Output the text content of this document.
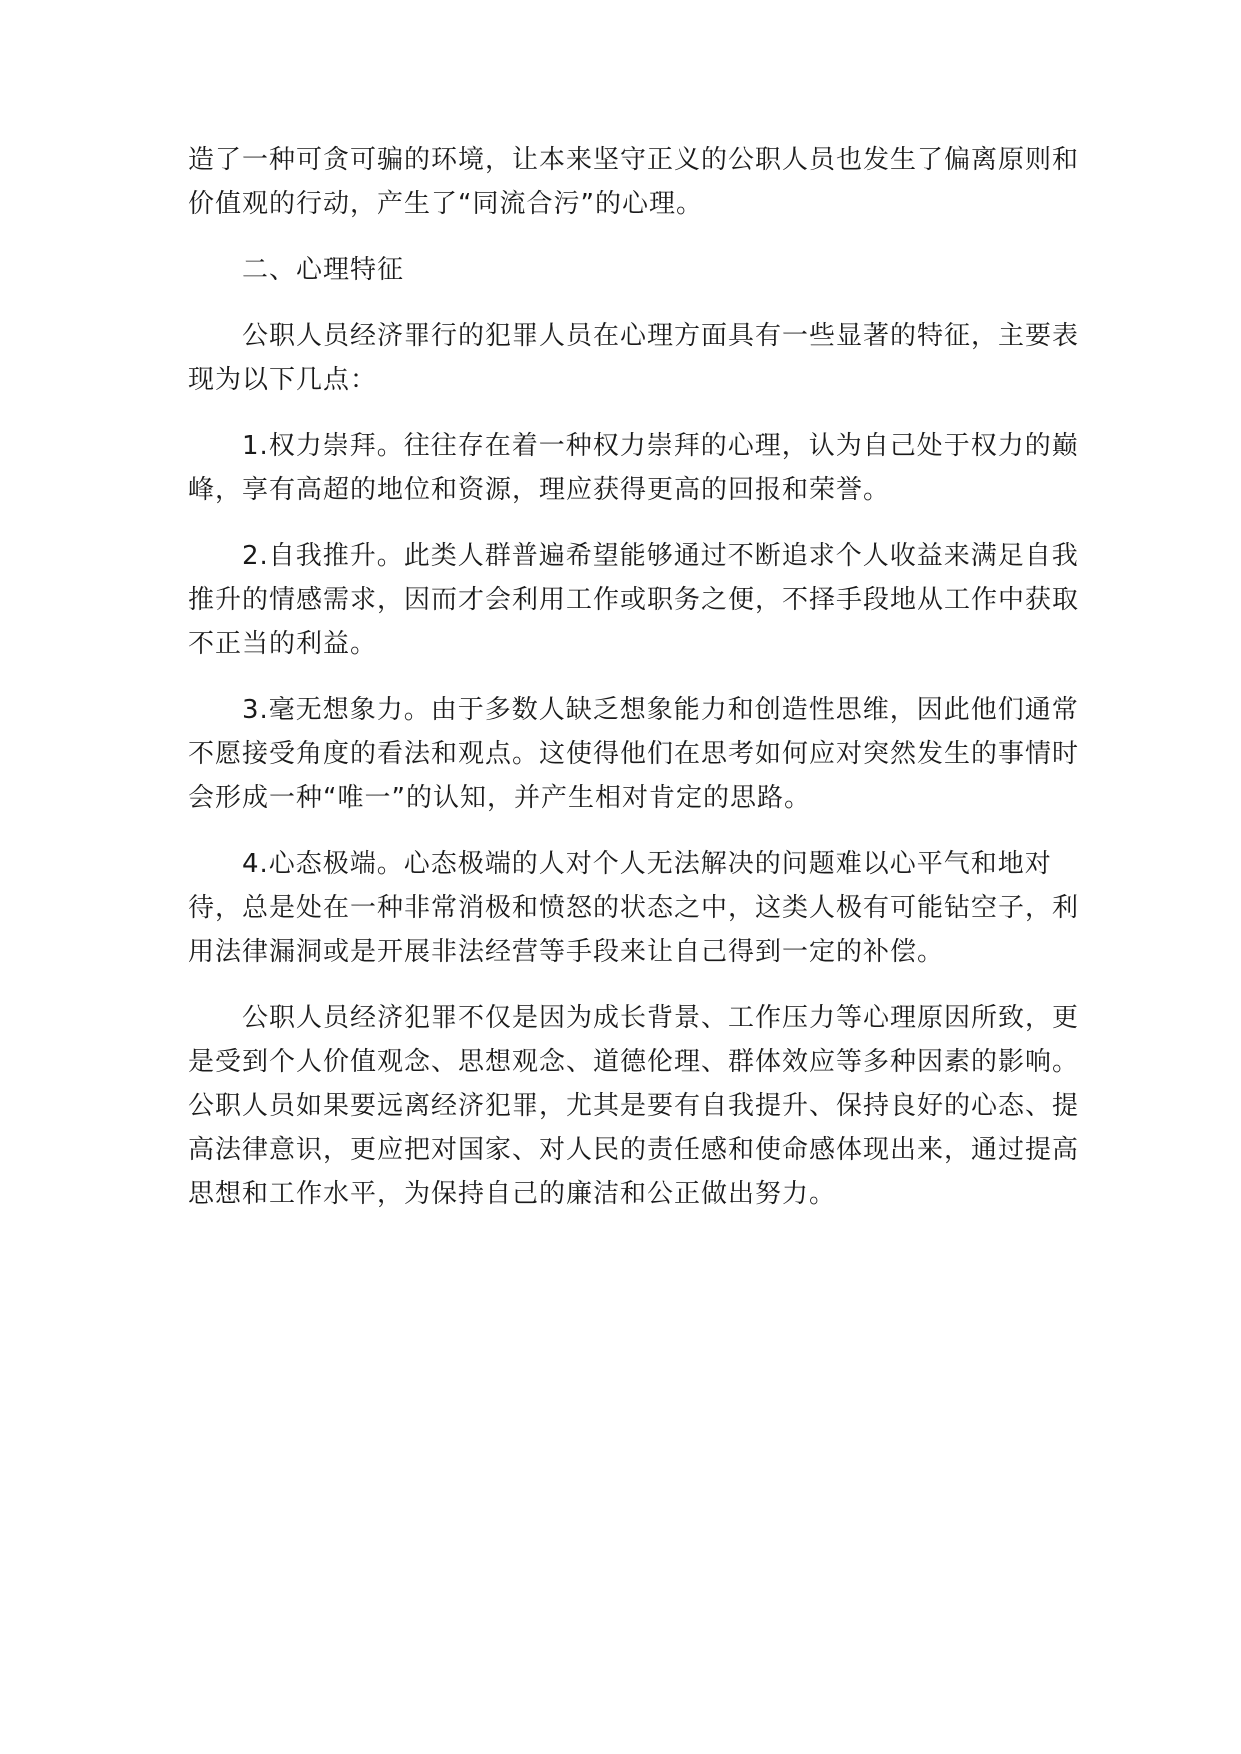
造了一种可贪可骗的环境，让本来坚守正义的公职人员也发生了偏离原则和价值观的行动，产生了“同流合污”的心理。

二、心理特征

公职人员经济罪行的犯罪人员在心理方面具有一些显著的特征，主要表现为以下几点：

1.权力崇拜。往往存在着一种权力崇拜的心理，认为自己处于权力的巅峰，享有高超的地位和资源，理应获得更高的回报和荣誉。

2.自我推升。此类人群普遍希望能够通过不断追求个人收益来满足自我推升的情感需求，因而才会利用工作或职务之便，不择手段地从工作中获取不正当的利益。

3.毫无想象力。由于多数人缺乏想象能力和创造性思维，因此他们通常不愿接受角度的看法和观点。这使得他们在思考如何应对突然发生的事情时会形成一种“唯一”的认知，并产生相对肯定的思路。

4.心态极端。心态极端的人对个人无法解决的问题难以心平气和地对待，总是处在一种非常消极和愤怒的状态之中，这类人极有可能钻空子，利用法律漏洞或是开展非法经营等手段来让自己得到一定的补偿。

公职人员经济犯罪不仅是因为成长背景、工作压力等心理原因所致，更是受到个人价值观念、思想观念、道德伦理、群体效应等多种因素的影响。 公职人员如果要远离经济犯罪，尤其是要有自我提升、保持良好的心态、提高法律意识，更应把对国家、对人民的责任感和使命感体现出来，通过提高思想和工作水平，为保持自己的廉洁和公正做出努力。
